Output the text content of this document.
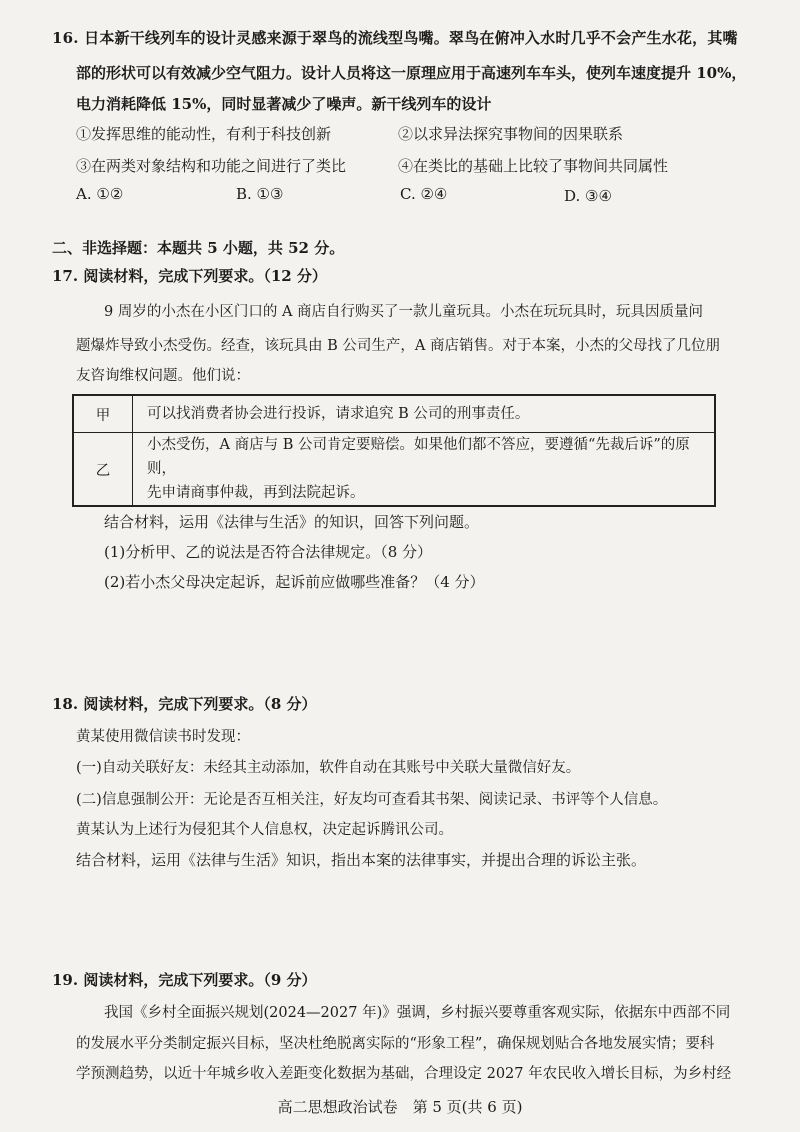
16. 日本新干线列车的设计灵感来源于翠鸟的流线型鸟嘴。翠鸟在俯冲入水时几乎不会产生水花，其嘴
部的形状可以有效减少空气阻力。设计人员将这一原理应用于高速列车车头，使列车速度提升 10%，
电力消耗降低 15%，同时显著减少了噪声。新干线列车的设计
①发挥思维的能动性，有利于科技创新	②以求异法探究事物间的因果联系
③在两类对象结构和功能之间进行了类比	④在类比的基础上比较了事物间共同属性
A. ①②	B. ①③	C. ②④	D. ③④
二、非选择题：本题共 5 小题，共 52 分。
17. 阅读材料，完成下列要求。（12 分）
9 周岁的小杰在小区门口的 A 商店自行购买了一款儿童玩具。小杰在玩玩具时，玩具因质量问
题爆炸导致小杰受伤。经查，该玩具由 B 公司生产，A 商店销售。对于本案，小杰的父母找了几位朋
友咨询维权问题。他们说：
甲	可以找消费者协会进行投诉，请求追究 B 公司的刑事责任。
乙	小杰受伤，A 商店与 B 公司肯定要赔偿。如果他们都不答应，要遵循“先裁后诉”的原则，
先申请商事仲裁，再到法院起诉。
结合材料，运用《法律与生活》的知识，回答下列问题。
(1)分析甲、乙的说法是否符合法律规定。（8 分）
(2)若小杰父母决定起诉，起诉前应做哪些准备？（4 分）
18. 阅读材料，完成下列要求。（8 分）
黄某使用微信读书时发现：
(一)自动关联好友：未经其主动添加，软件自动在其账号中关联大量微信好友。
(二)信息强制公开：无论是否互相关注，好友均可查看其书架、阅读记录、书评等个人信息。
黄某认为上述行为侵犯其个人信息权，决定起诉腾讯公司。
结合材料，运用《法律与生活》知识，指出本案的法律事实，并提出合理的诉讼主张。
19. 阅读材料，完成下列要求。（9 分）
我国《乡村全面振兴规划(2024—2027 年)》强调，乡村振兴要尊重客观实际，依据东中西部不同
的发展水平分类制定振兴目标，坚决杜绝脱离实际的“形象工程”，确保规划贴合各地发展实情；要科
学预测趋势，以近十年城乡收入差距变化数据为基础，合理设定 2027 年农民收入增长目标，为乡村经
高二思想政治试卷　第 5 页(共 6 页)
